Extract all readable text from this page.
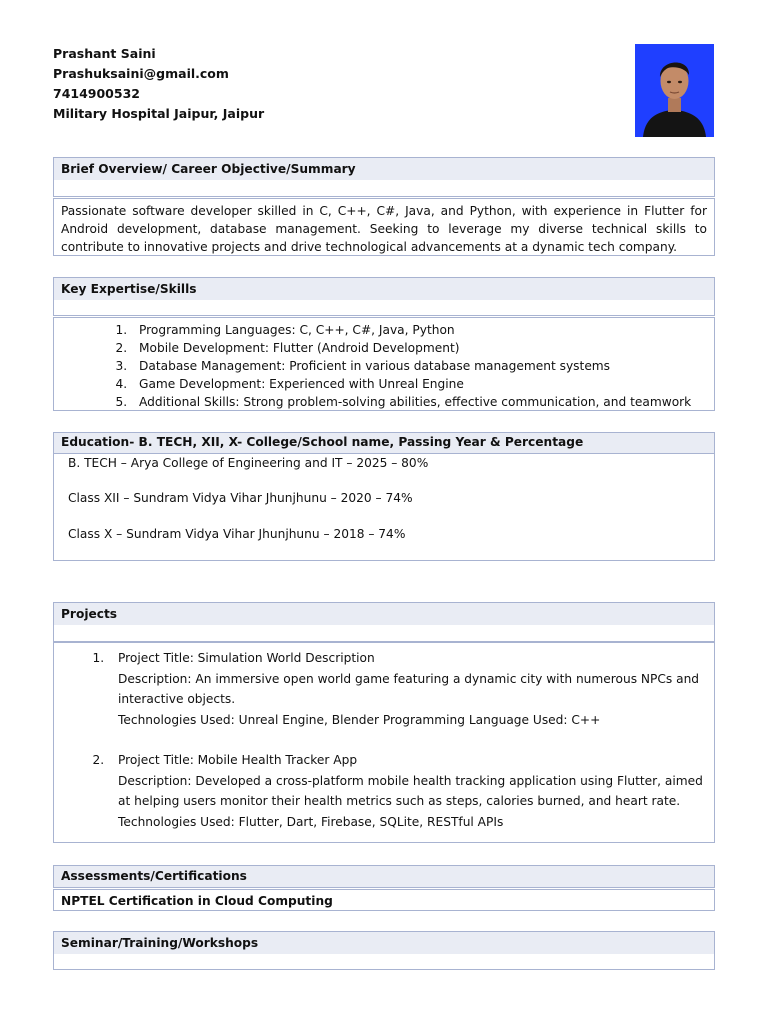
Prashant Saini
Prashuksaini@gmail.com
7414900532
Military Hospital Jaipur, Jaipur
Brief Overview/ Career Objective/Summary
Passionate software developer skilled in C, C++, C#, Java, and Python, with experience in Flutter for Android development, database management. Seeking to leverage my diverse technical skills to contribute to innovative projects and drive technological advancements at a dynamic tech company.
Key Expertise/Skills
1. Programming Languages: C, C++, C#, Java, Python
2. Mobile Development: Flutter (Android Development)
3. Database Management: Proficient in various database management systems
4. Game Development: Experienced with Unreal Engine
5. Additional Skills: Strong problem-solving abilities, effective communication, and teamwork
Education- B. TECH, XII, X- College/School name, Passing Year & Percentage

B. TECH – Arya College of Engineering and IT – 2025 – 80%

Class XII – Sundram Vidya Vihar Jhunjhunu – 2020 – 74%

Class X – Sundram Vidya Vihar Jhunjhunu – 2018 – 74%

Projects
1. Project Title: Simulation World Description
Description: An immersive open world game featuring a dynamic city with numerous NPCs and interactive objects.
Technologies Used: Unreal Engine, Blender Programming Language Used: C++
2. Project Title: Mobile Health Tracker App
Description: Developed a cross-platform mobile health tracking application using Flutter, aimed at helping users monitor their health metrics such as steps, calories burned, and heart rate.
Technologies Used: Flutter, Dart, Firebase, SQLite, RESTful APIs
Assessments/Certifications
NPTEL Certification in Cloud Computing
Seminar/Training/Workshops
